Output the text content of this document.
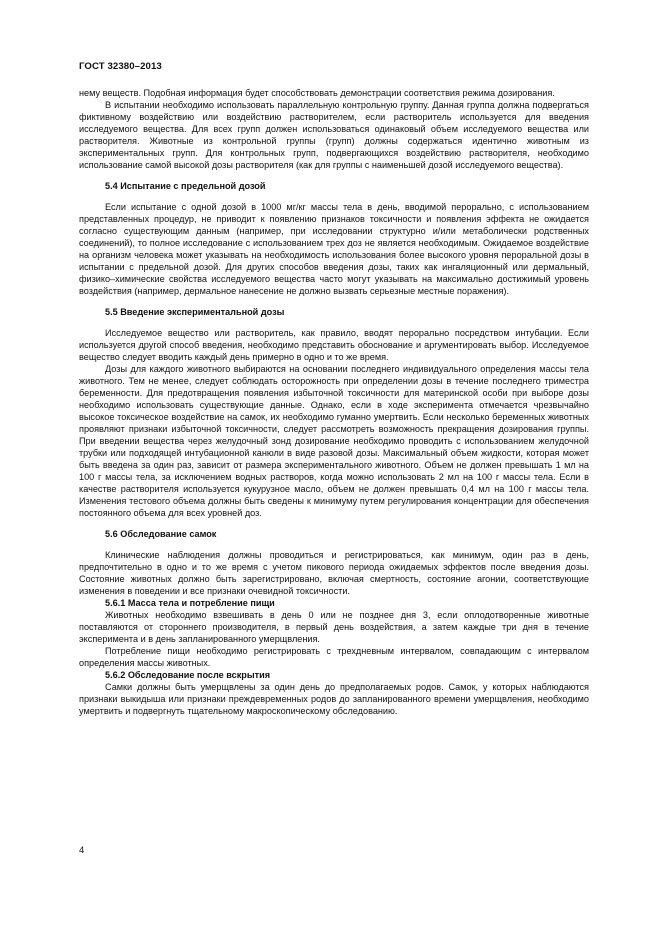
ГОСТ 32380–2013

нему веществ. Подобная информация будет способствовать демонстрации соответствия режима дозирования.

В испытании необходимо использовать параллельную контрольную группу. Данная группа должна подвергаться фиктивному воздействию или воздействию растворителем, если растворитель используется для введения исследуемого вещества. Для всех групп должен использоваться одинаковый объем исследуемого вещества или растворителя. Животные из контрольной группы (групп) должны содержаться идентично животным из экспериментальных групп. Для контрольных групп, подвергающихся воздействию растворителя, необходимо использование самой высокой дозы растворителя (как для группы с наименьшей дозой исследуемого вещества).

5.4 Испытание с предельной дозой

Если испытание с одной дозой в 1000 мг/кг массы тела в день, вводимой перорально, с использованием представленных процедур, не приводит к появлению признаков токсичности и появления эффекта не ожидается согласно существующим данным (например, при исследовании структурно и/или метаболически родственных соединений), то полное исследование с использованием трех доз не является необходимым. Ожидаемое воздействие на организм человека может указывать на необходимость использования более высокого уровня пероральной дозы в испытании с предельной дозой. Для других способов введения дозы, таких как ингаляционный или дермальный, физико–химические свойства исследуемого вещества часто могут указывать на максимально достижимый уровень воздействия (например, дермальное нанесение не должно вызвать серьезные местные поражения).

5.5 Введение экспериментальной дозы

Исследуемое вещество или растворитель, как правило, вводят перорально посредством интубации. Если используется другой способ введения, необходимо представить обоснование и аргументировать выбор. Исследуемое вещество следует вводить каждый день примерно в одно и то же время.

Дозы для каждого животного выбираются на основании последнего индивидуального определения массы тела животного. Тем не менее, следует соблюдать осторожность при определении дозы в течение последнего триместра беременности. Для предотвращения появления избыточной токсичности для материнской особи при выборе дозы необходимо использовать существующие данные. Однако, если в ходе эксперимента отмечается чрезвычайно высокое токсическое воздействие на самок, их необходимо гуманно умертвить. Если несколько беременных животных проявляют признаки избыточной токсичности, следует рассмотреть возможность прекращения дозирования группы. При введении вещества через желудочный зонд дозирование необходимо проводить с использованием желудочной трубки или подходящей интубационной канюли в виде разовой дозы. Максимальный объем жидкости, которая может быть введена за один раз, зависит от размера экспериментального животного. Объем не должен превышать 1 мл на 100 г массы тела, за исключением водных растворов, когда можно использовать 2 мл на 100 г массы тела. Если в качестве растворителя используется кукурузное масло, объем не должен превышать 0,4 мл на 100 г массы тела. Изменения тестового объема должны быть сведены к минимуму путем регулирования концентрации для обеспечения постоянного объема для всех уровней доз.

5.6 Обследование самок

Клинические наблюдения должны проводиться и регистрироваться, как минимум, один раз в день, предпочтительно в одно и то же время с учетом пикового периода ожидаемых эффектов после введения дозы. Состояние животных должно быть зарегистрировано, включая смертность, состояние агонии, соответствующие изменения в поведении и все признаки очевидной токсичности.

5.6.1 Масса тела и потребление пищи

Животных необходимо взвешивать в день 0 или не позднее дня 3, если оплодотворенные животные поставляются от стороннего производителя, в первый день воздействия, а затем каждые три дня в течение эксперимента и в день запланированного умерщвления.

Потребление пищи необходимо регистрировать с трехдневным интервалом, совпадающим с интервалом определения массы животных.

5.6.2 Обследование после вскрытия

Самки должны быть умерщвлены за один день до предполагаемых родов. Самок, у которых наблюдаются признаки выкидыша или признаки преждевременных родов до запланированного времени умерщвления, необходимо умертвить и подвергнуть тщательному макроскопическому обследованию.

4
